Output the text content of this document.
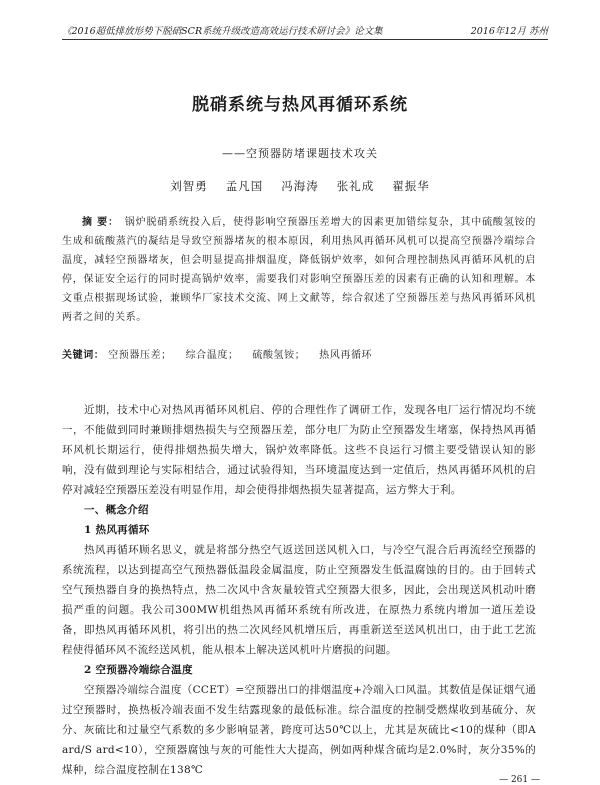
《2016超低排放形势下脱硝SCR系统升级改造高效运行技术研讨会》论文集	2016年12月 苏州
脱硝系统与热风再循环系统
——空预器防堵课题技术攻关
刘智勇 孟凡国 冯海涛 张礼成 翟振华
摘 要： 锅炉脱硝系统投入后，使得影响空预器压差增大的因素更加错综复杂，其中硫酸氢铵的生成和硫酸蒸汽的凝结是导致空预器堵灰的根本原因，利用热风再循环风机可以提高空预器冷端综合温度，减轻空预器堵灰，但会明显提高排烟温度，降低锅炉效率，如何合理控制热风再循环风机的启停，保证安全运行的同时提高锅炉效率，需要我们对影响空预器压差的因素有正确的认知和理解。本文重点根据现场试验，兼顾华厂家技术交流、网上文献等，综合叙述了空预器压差与热风再循环风机两者之间的关系。
关键词： 空预器压差； 综合温度； 硫酸氢铵； 热风再循环

近期，技术中心对热风再循环风机启、停的合理性作了调研工作，发现各电厂运行情况均不统一，不能做到同时兼顾排烟热损失与空预器压差，部分电厂为防止空预器发生堵塞，保持热风再循环风机长期运行，使得排烟热损失增大，锅炉效率降低。这些不良运行习惯主要受错误认知的影响，没有做到理论与实际相结合，通过试验得知，当环境温度达到一定值后，热风再循环风机的启停对减轻空预器压差没有明显作用，却会使得排烟热损失显著提高，运方弊大于利。

一、概念介绍

1 热风再循环

热风再循环顾名思义，就是将部分热空气返送回送风机入口，与冷空气混合后再流经空预器的系统流程，以达到提高空气预热器低温段金属温度，防止空预器发生低温腐蚀的目的。由于回转式空气预热器自身的换热特点，热二次风中含灰量较管式空预器大很多，因此，会出现送风机动叶磨损严重的问题。我公司300MW机组热风再循环系统有所改进，在原热力系统内增加一道压差设备，即热风再循环风机，将引出的热二次风经风机增压后，再重新送至送风机出口，由于此工艺流程使得循环风不流经送风机，能从根本上解决送风机叶片磨损的问题。

2 空预器冷端综合温度

空预器冷端综合温度（CCET）=空预器出口的排烟温度+冷端入口风温。其数值是保证烟气通过空预器时，换热板冷端表面不发生结露现象的最低标准。综合温度的控制受燃煤收到基硫分、灰分、灰硫比和过量空气系数的多少影响显著，跨度可达50℃以上，尤其是灰硫比<10的煤种（即A ard/S ard<10），空预器腐蚀与灰的可能性大大提高，例如两种煤含硫均是2.0%时，灰分35%的煤种，综合温度控制在138℃

— 261 —
